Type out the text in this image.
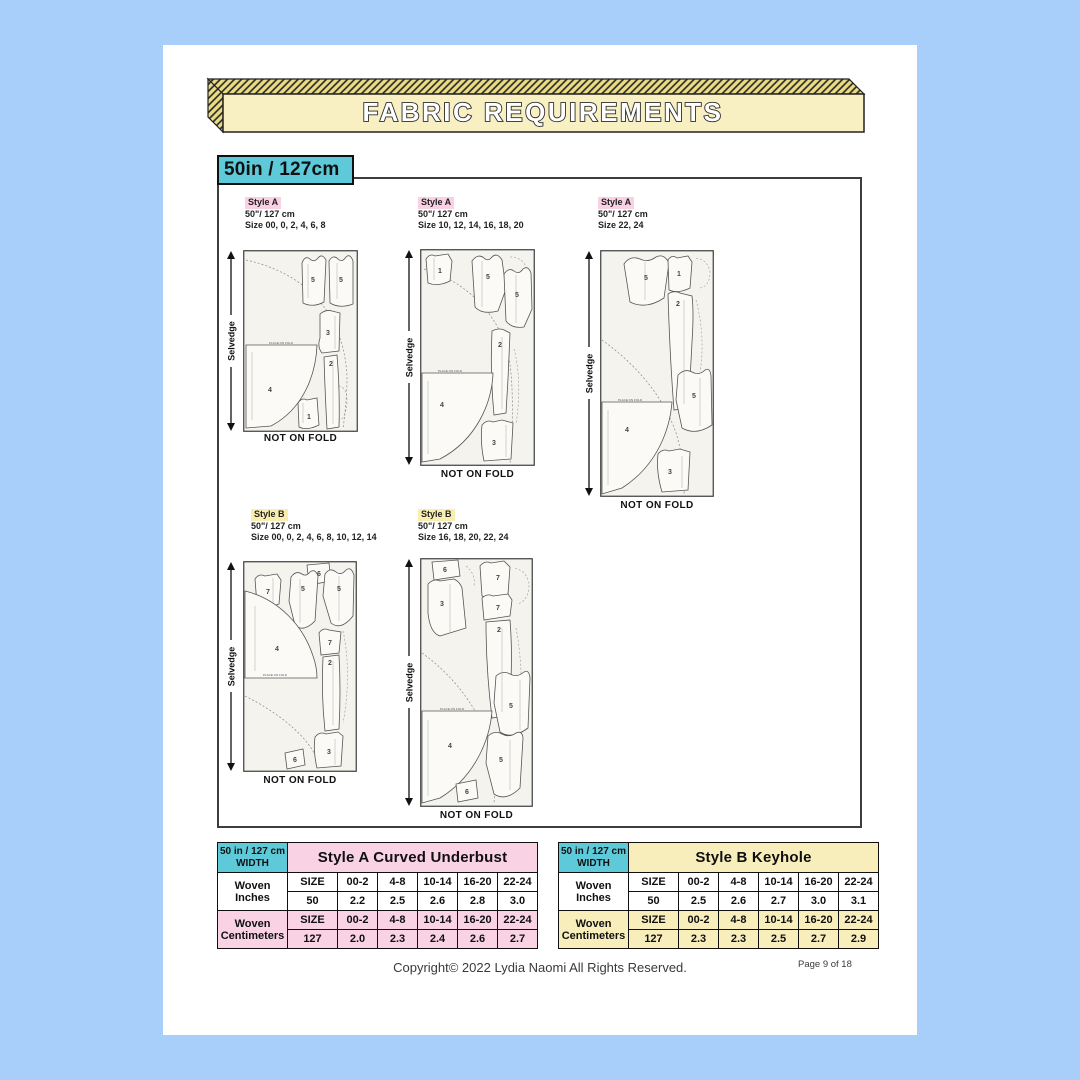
FABRIC REQUIREMENTS
50in / 127cm
Style A
50"/ 127 cm
Size 00, 0, 2, 4, 6, 8
Selvedge	PLACE ON FOLD
5	5
3
2
4
1
NOT ON FOLD
Style A
50"/ 127 cm
Size 10, 12, 14, 16, 18, 20
Selvedge	PLACE ON FOLD
1
5
5
2
4
3
NOT ON FOLD
Style A
50"/ 127 cm
Size 22, 24
Selvedge
PLACE ON FOLD
5
1
2
5
4
3
NOT ON FOLD
Style B
50"/ 127 cm
Size 00, 0, 2, 4, 6, 8, 10, 12, 14
Selvedge	PLACE ON FOLD
7
6
5	5
7
2
4
3
6
NOT ON FOLD
Style B
50"/ 127 cm
Size 16, 18, 20, 22, 24
Selvedge
PLACE ON FOLD
6
3
7
7
2
5
4
5
6
NOT ON FOLD
50 in / 127 cm
WIDTH	Style A Curved Underbust					
Woven Inches	SIZE	00-2	4-8	10-14	16-20	22-24
	50	2.2	2.5	2.6	2.8	3.0
Woven Centimeters	SIZE	00-2	4-8	10-14	16-20	22-24
	127	2.0	2.3	2.4	2.6	2.7
50 in / 127 cm
WIDTH	Style B Keyhole					
Woven Inches	SIZE	00-2	4-8	10-14	16-20	22-24
	50	2.5	2.6	2.7	3.0	3.1
Woven Centimeters	SIZE	00-2	4-8	10-14	16-20	22-24
	127	2.3	2.3	2.5	2.7	2.9
Copyright© 2022 Lydia Naomi All Rights Reserved.	Page 9 of 18
